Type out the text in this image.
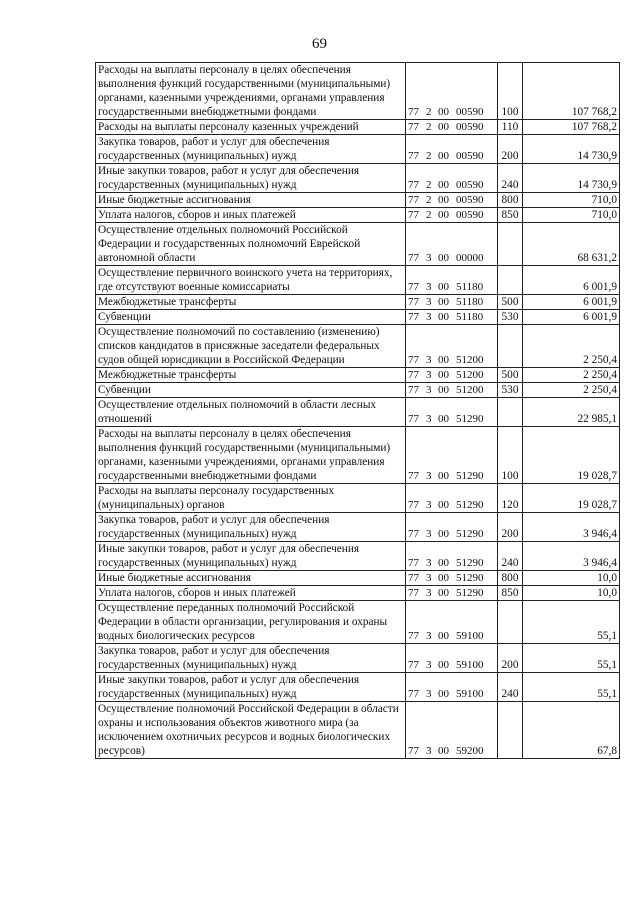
69
Расходы на выплаты персоналу в целях обеспечения выполнения функций государственными (муниципальными) органами, казенными учреждениями, органами управления государственными внебюджетными фондами	77 2 00 00590	100	107 768,2
Расходы на выплаты персоналу казенных учреждений	77 2 00 00590	110	107 768,2
Закупка товаров, работ и услуг для обеспечения государственных (муниципальных) нужд	77 2 00 00590	200	14 730,9
Иные закупки товаров, работ и услуг для обеспечения государственных (муниципальных) нужд	77 2 00 00590	240	14 730,9
Иные бюджетные ассигнования	77 2 00 00590	800	710,0
Уплата налогов, сборов и иных платежей	77 2 00 00590	850	710,0
Осуществление отдельных полномочий Российской Федерации и государственных полномочий Еврейской автономной области	77 3 00 00000		68 631,2
Осуществление первичного воинского учета на территориях, где отсутствуют военные комиссариаты	77 3 00 51180		6 001,9
Межбюджетные трансферты	77 3 00 51180	500	6 001,9
Субвенции	77 3 00 51180	530	6 001,9
Осуществление полномочий по составлению (изменению) списков кандидатов в присяжные заседатели федеральных судов общей юрисдикции в Российской Федерации	77 3 00 51200		2 250,4
Межбюджетные трансферты	77 3 00 51200	500	2 250,4
Субвенции	77 3 00 51200	530	2 250,4
Осуществление отдельных полномочий в области лесных отношений	77 3 00 51290		22 985,1
Расходы на выплаты персоналу в целях обеспечения выполнения функций государственными (муниципальными) органами, казенными учреждениями, органами управления государственными внебюджетными фондами	77 3 00 51290	100	19 028,7
Расходы на выплаты персоналу государственных (муниципальных) органов	77 3 00 51290	120	19 028,7
Закупка товаров, работ и услуг для обеспечения государственных (муниципальных) нужд	77 3 00 51290	200	3 946,4
Иные закупки товаров, работ и услуг для обеспечения государственных (муниципальных) нужд	77 3 00 51290	240	3 946,4
Иные бюджетные ассигнования	77 3 00 51290	800	10,0
Уплата налогов, сборов и иных платежей	77 3 00 51290	850	10,0
Осуществление переданных полномочий Российской Федерации в области организации, регулирования и охраны водных биологических ресурсов	77 3 00 59100		55,1
Закупка товаров, работ и услуг для обеспечения государственных (муниципальных) нужд	77 3 00 59100	200	55,1
Иные закупки товаров, работ и услуг для обеспечения государственных (муниципальных) нужд	77 3 00 59100	240	55,1
Осуществление полномочий Российской Федерации в области охраны и использования объектов животного мира (за исключением охотничьих ресурсов и водных биологических ресурсов)	77 3 00 59200		67,8
